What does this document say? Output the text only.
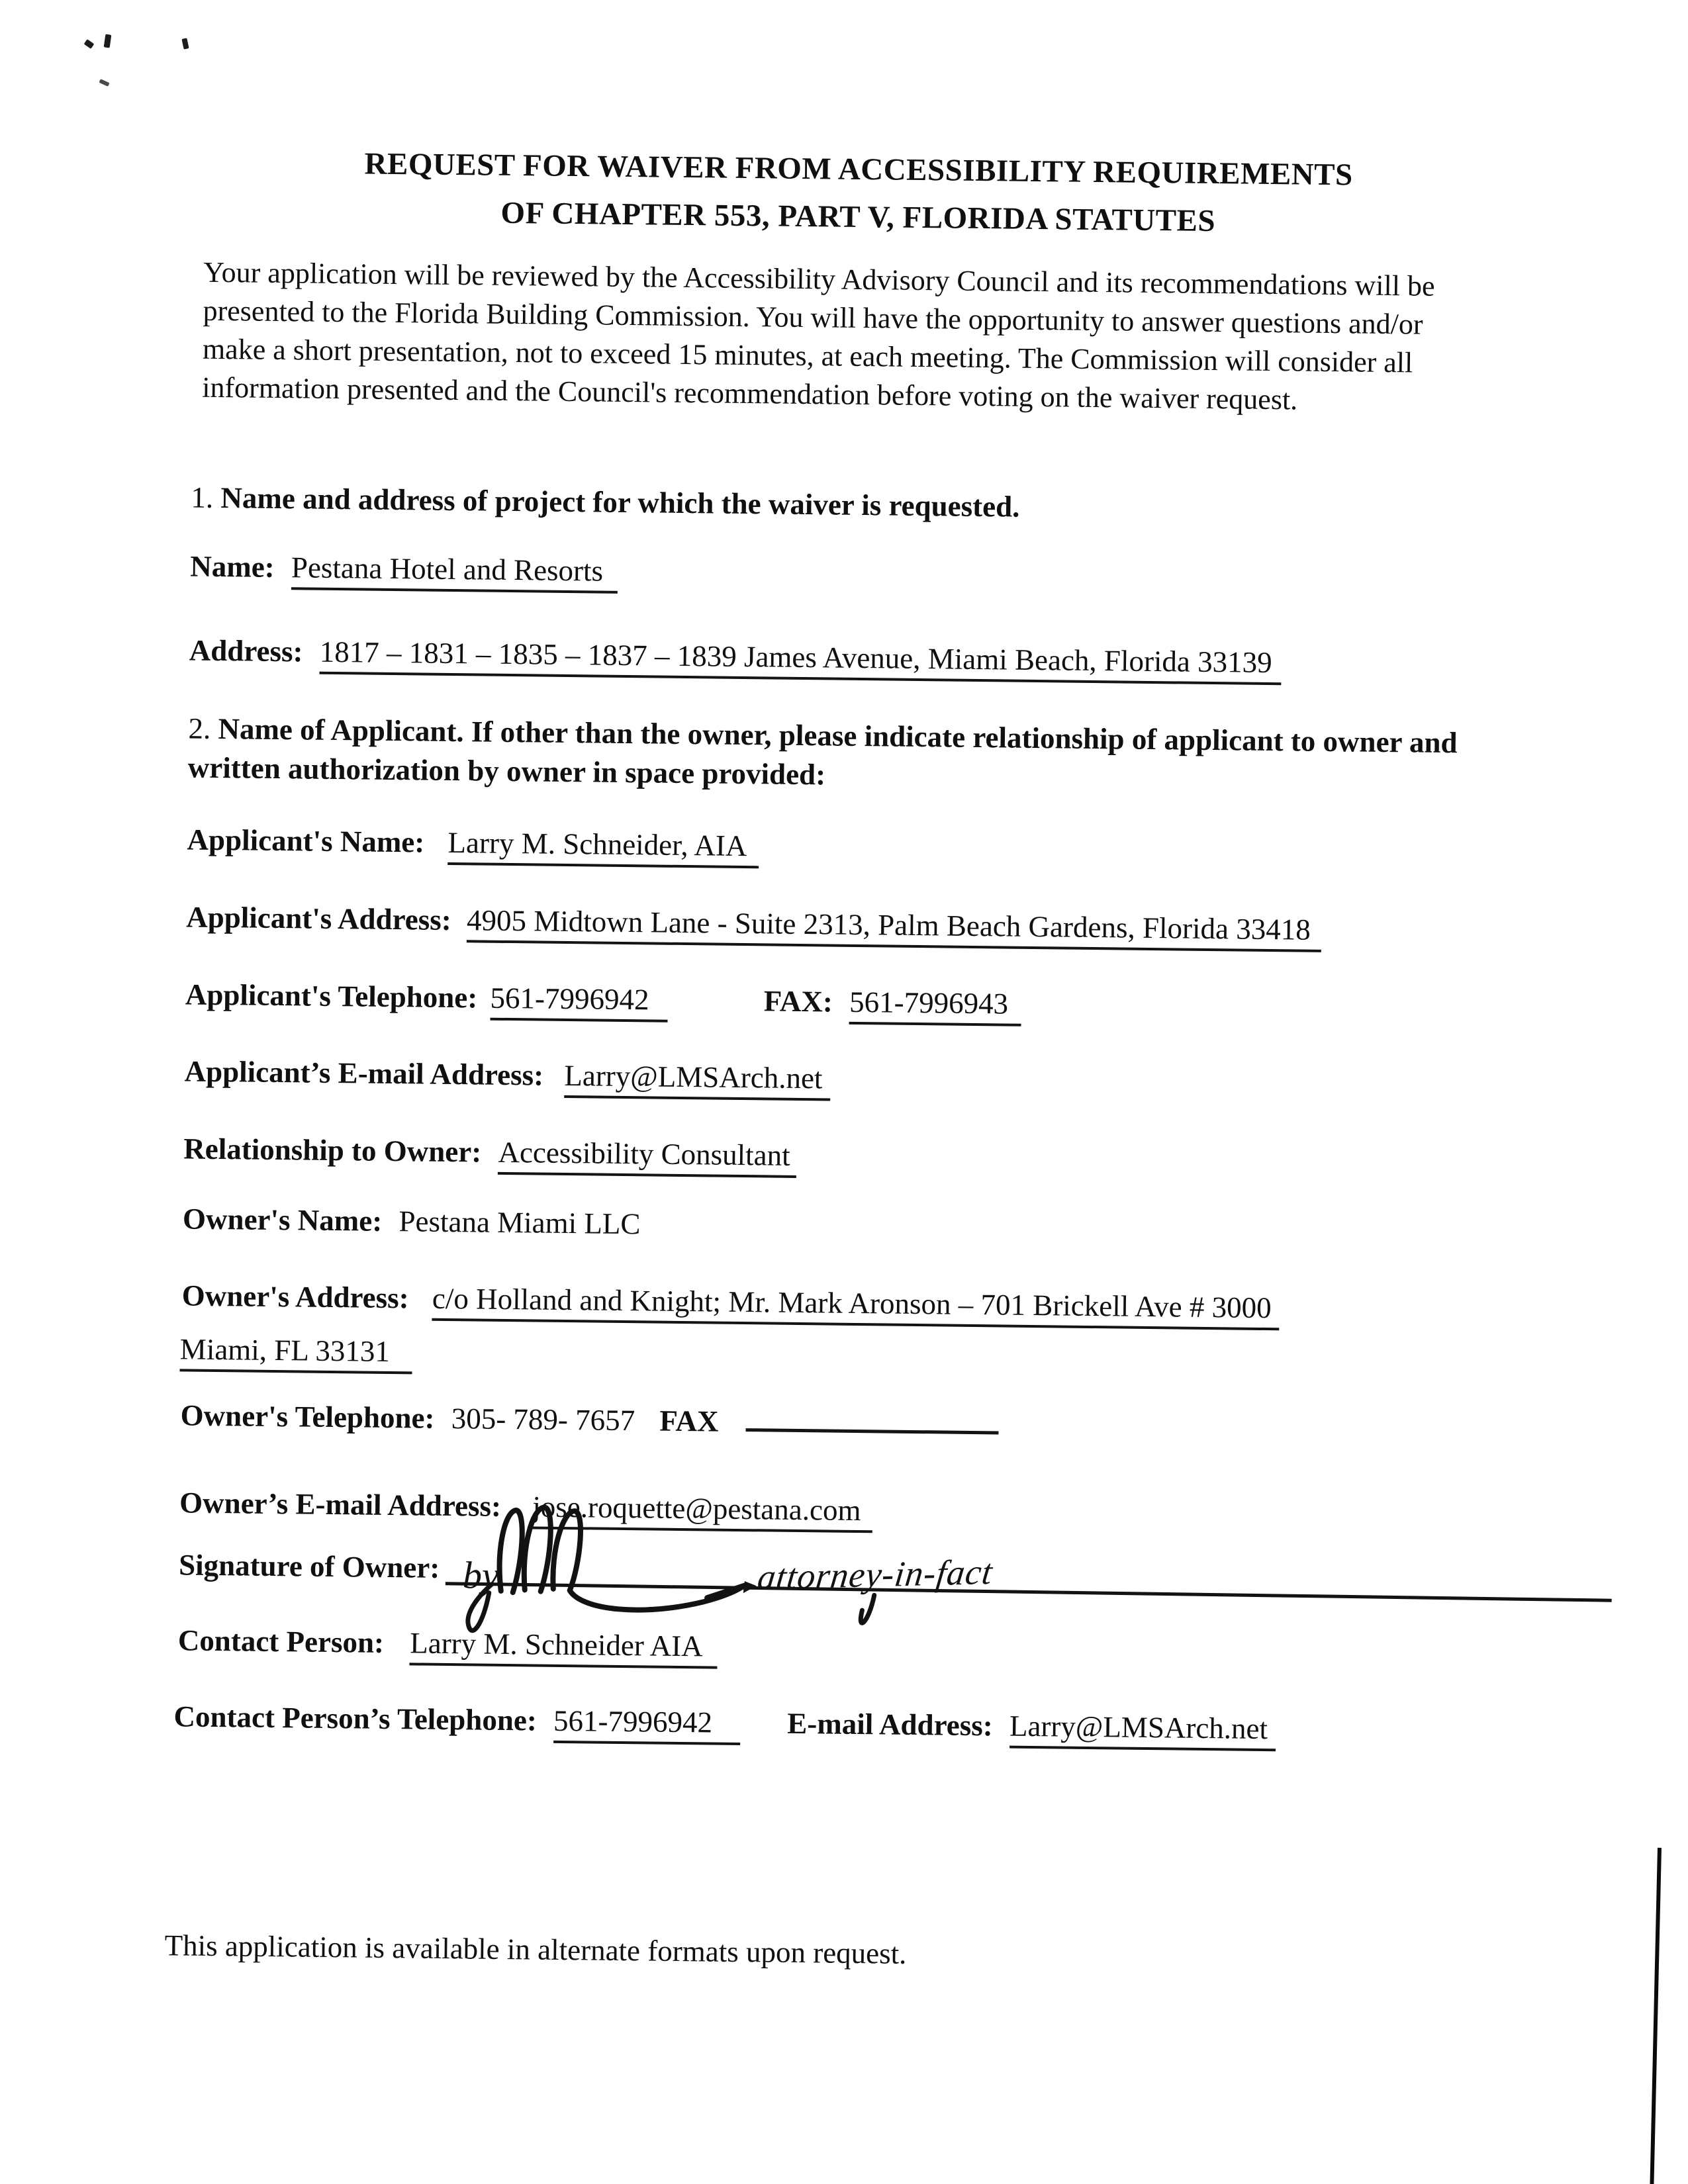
REQUEST FOR WAIVER FROM ACCESSIBILITY REQUIREMENTS
OF CHAPTER 553, PART V, FLORIDA STATUTES

Your application will be reviewed by the Accessibility Advisory Council and its recommendations will be presented to the Florida Building Commission. You will have the opportunity to answer questions and/or make a short presentation, not to exceed 15 minutes, at each meeting. The Commission will consider all information presented and the Council's recommendation before voting on the waiver request.

1. Name and address of project for which the waiver is requested.
Name: Pestana Hotel and Resorts
Address: 1817 – 1831 – 1835 – 1837 – 1839 James Avenue, Miami Beach, Florida 33139
2. Name of Applicant. If other than the owner, please indicate relationship of applicant to owner and written authorization by owner in space provided:
Applicant's Name: Larry M. Schneider, AIA
Applicant's Address: 4905 Midtown Lane - Suite 2313, Palm Beach Gardens, Florida 33418
Applicant's Telephone: 561-7996942	FAX: 561-7996943
Applicant’s E-mail Address: Larry@LMSArch.net
Relationship to Owner: Accessibility Consultant
Owner's Name: Pestana Miami LLC
Owner's Address: c/o Holland and Knight; Mr. Mark Aronson – 701 Brickell Ave # 3000
Miami, FL 33131
Owner's Telephone: 305- 789- 7657 FAX
Owner’s E-mail Address: jose.roquette@pestana.com
Signature of Owner: by	attorney-in-fact
Contact Person: Larry M. Schneider AIA
Contact Person’s Telephone: 561-7996942	E-mail Address: Larry@LMSArch.net

This application is available in alternate formats upon request.
